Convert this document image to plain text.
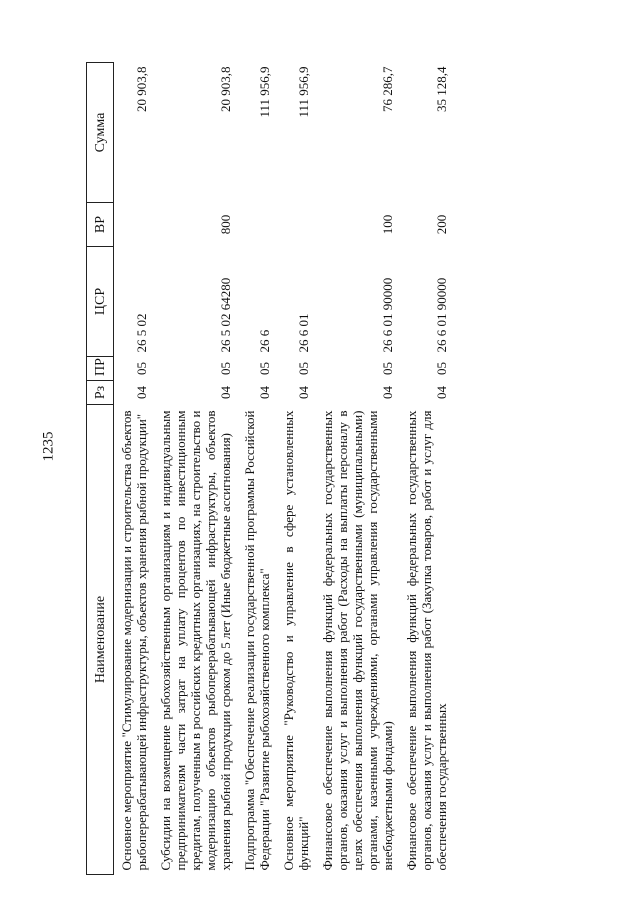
1235
Наименование	Рз	ПР	ЦСР	ВР	Сумма
Основное мероприятие "Стимулирование модернизации и строительства объектов рыбоперерабатывающей инфраструктуры, объектов хранения рыбной продукции"	04	05	26 5 02		20 903,8
Субсидии на возмещение рыбохозяйственным организациям и индивидуальным предпринимателям части затрат на уплату процентов по инвестиционным кредитам, полученным в российских кредитных организациях, на строительство и модернизацию объектов рыбоперерабатывающей инфраструктуры, объектов хранения рыбной продукции сроком до 5 лет (Иные бюджетные ассигнования)	04	05	26 5 02 64280	800	20 903,8
Подпрограмма "Обеспечение реализации государственной программы Российской Федерации "Развитие рыбохозяйственного комплекса"	04	05	26 6		111 956,9
Основное мероприятие "Руководство и управление в сфере установленных функций"	04	05	26 6 01		111 956,9
Финансовое обеспечение выполнения функций федеральных государственных органов, оказания услуг и выполнения работ (Расходы на выплаты персоналу в целях обеспечения выполнения функций государственными (муниципальными) органами, казенными учреждениями, органами управления государственными внебюджетными фондами)	04	05	26 6 01 90000	100	76 286,7
Финансовое обеспечение выполнения функций федеральных государственных органов, оказания услуг и выполнения работ (Закупка товаров, работ и услуг для обеспечения государственных	04	05	26 6 01 90000	200	35 128,4
